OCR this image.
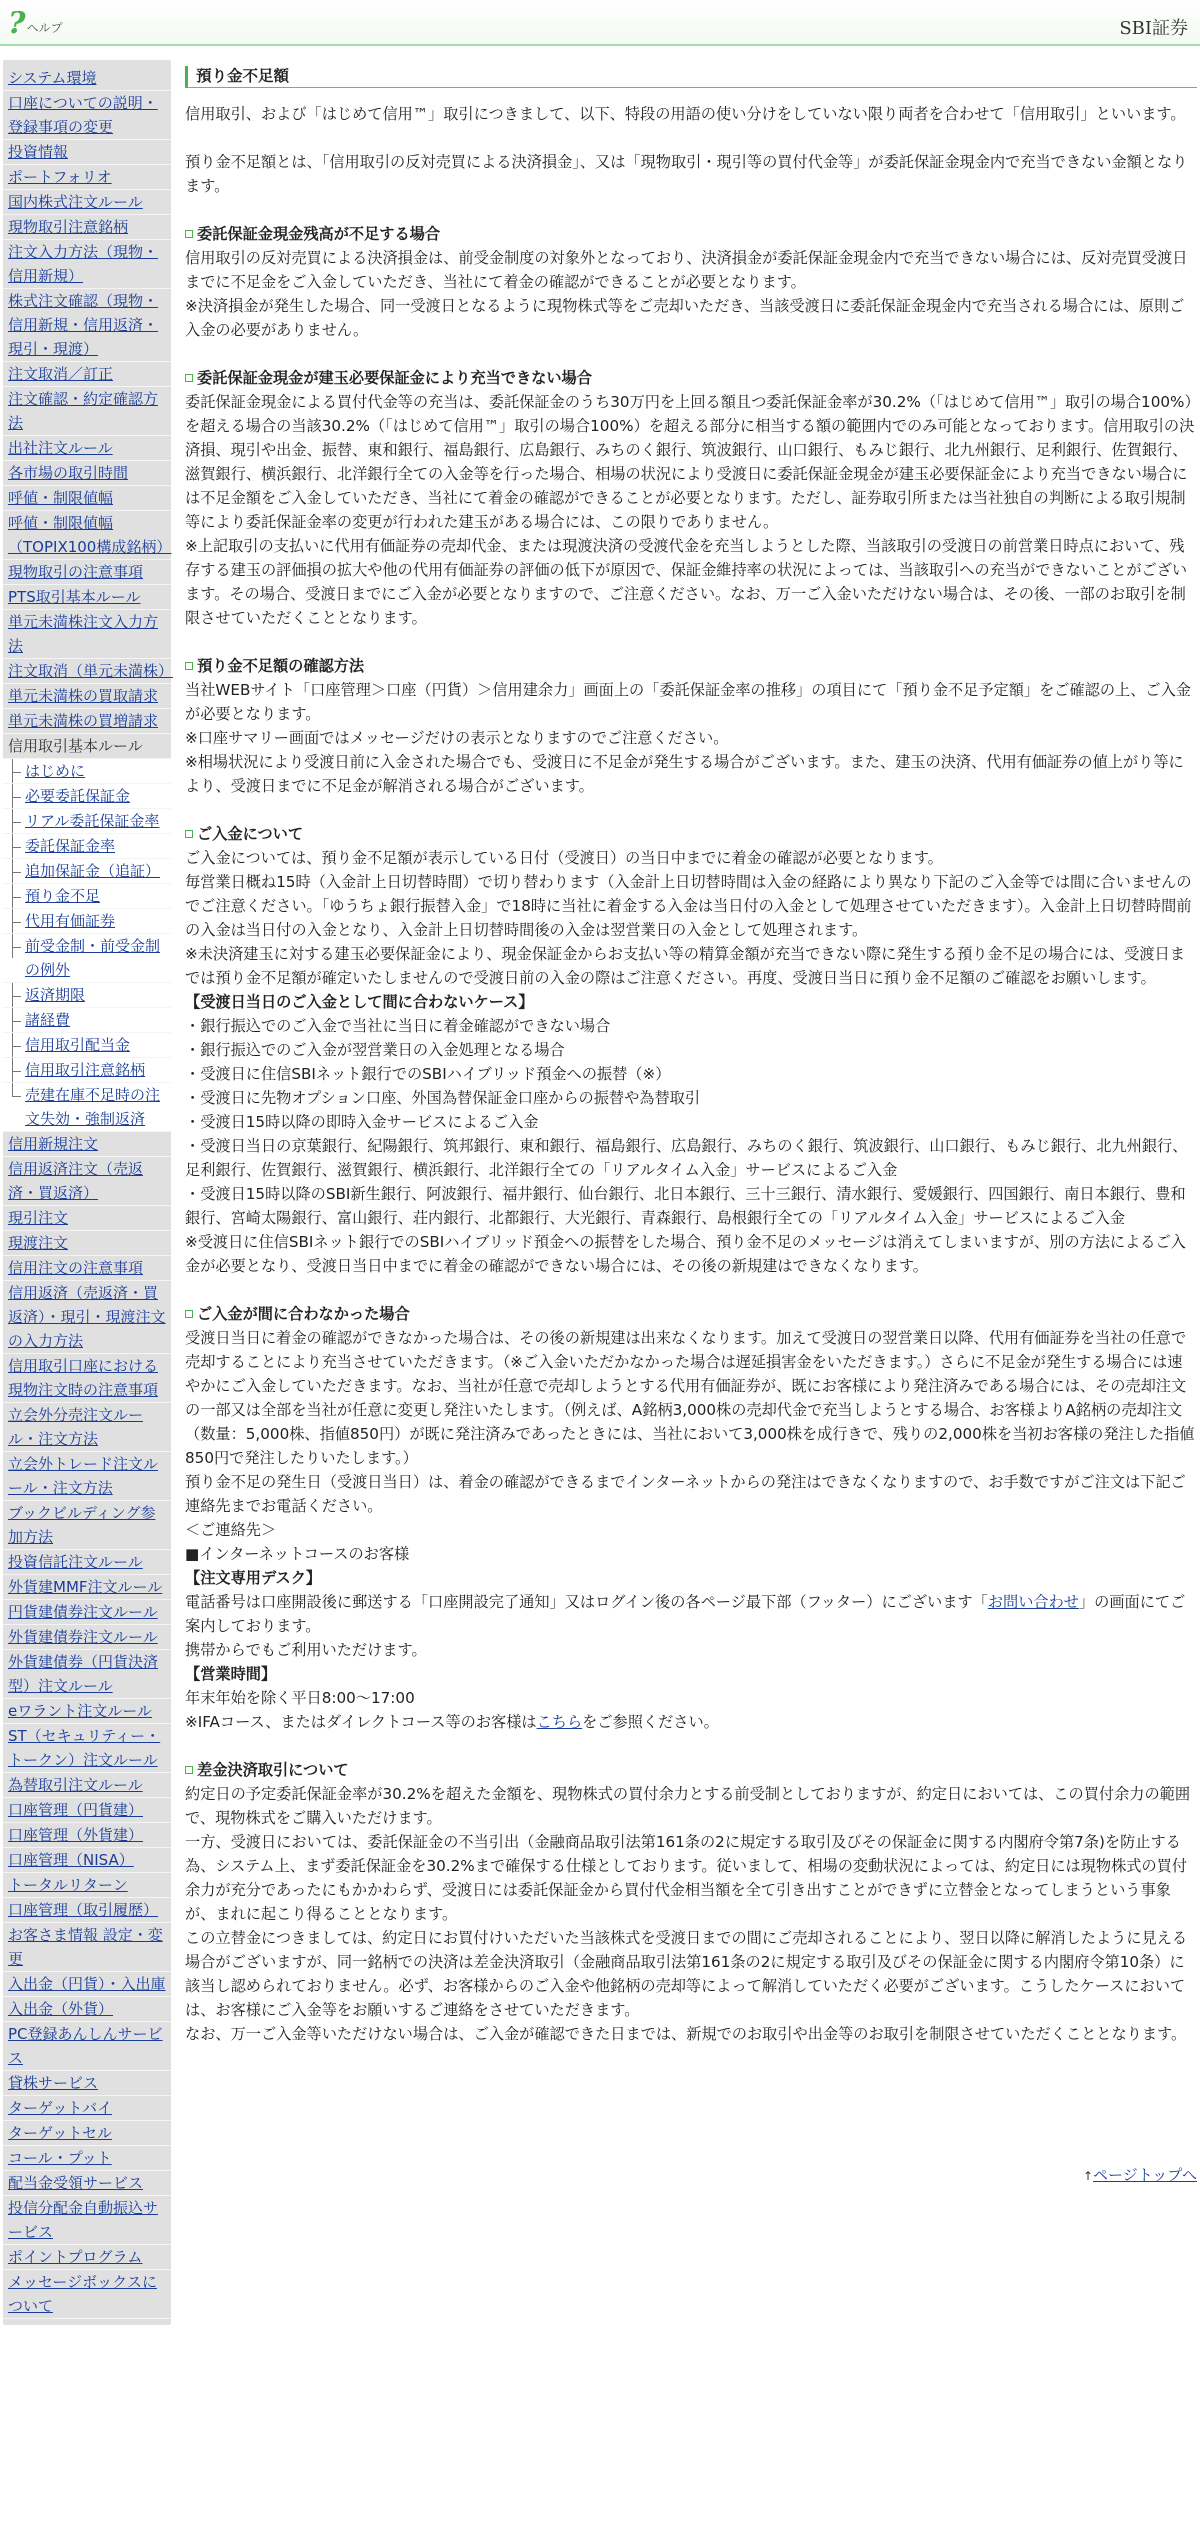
? ヘルプ	SBI証券
システム環境
口座についての説明・登録事項の変更
投資情報
ポートフォリオ
国内株式注文ルール
現物取引注意銘柄
注文入力方法（現物・信用新規）
株式注文確認（現物・信用新規・信用返済・現引・現渡）
注文取消／訂正
注文確認・約定確認方法
出社注文ルール
各市場の取引時間
呼値・制限値幅
呼値・制限値幅（TOPIX100構成銘柄）
現物取引の注意事項
PTS取引基本ルール
単元未満株注文入力方法
注文取消（単元未満株）
単元未満株の買取請求
単元未満株の買増請求
信用取引基本ルール
はじめに
必要委託保証金
リアル委託保証金率
委託保証金率
追加保証金（追証）
預り金不足
代用有価証券
前受金制・前受金制の例外
返済期限
諸経費
信用取引配当金
信用取引注意銘柄
売建在庫不足時の注文失効・強制返済
信用新規注文
信用返済注文（売返済・買返済）
現引注文
現渡注文
信用注文の注意事項
信用返済（売返済・買返済）・現引・現渡注文の入力方法
信用取引口座における現物注文時の注意事項
立会外分売注文ルール・注文方法
立会外トレード注文ルール・注文方法
ブックビルディング参加方法
投資信託注文ルール
外貨建MMF注文ルール
円貨建債券注文ルール
外貨建債券注文ルール
外貨建債券（円貨決済型）注文ルール
eワラント注文ルール
ST（セキュリティー・トークン）注文ルール
為替取引注文ルール
口座管理（円貨建）
口座管理（外貨建）
口座管理（NISA）
トータルリターン
口座管理（取引履歴）
お客さま情報 設定・変更
入出金（円貨）・入出庫
入出金（外貨）
PC登録あんしんサービス
貸株サービス
ターゲットバイ
ターゲットセル
コール・プット
配当金受領サービス
投信分配金自動振込サービス
ポイントプログラム
メッセージボックスについて
預り金不足額

信用取引、および「はじめて信用™」取引につきまして、以下、特段の用語の使い分けをしていない限り両者を合わせて「信用取引」といいます。

預り金不足額とは、「信用取引の反対売買による決済損金」、又は「現物取引・現引等の買付代金等」が委託保証金現金内で充当できない金額となります。

委託保証金現金残高が不足する場合
信用取引の反対売買による決済損金は、前受金制度の対象外となっており、決済損金が委託保証金現金内で充当できない場合には、反対売買受渡日までに不足金をご入金していただき、当社にて着金の確認ができることが必要となります。
※決済損金が発生した場合、同一受渡日となるように現物株式等をご売却いただき、当該受渡日に委託保証金現金内で充当される場合には、原則ご入金の必要がありません。
委託保証金現金が建玉必要保証金により充当できない場合
委託保証金現金による買付代金等の充当は、委託保証金のうち30万円を上回る額且つ委託保証金率が30.2%（「はじめて信用™」取引の場合100%）を超える場合の当該30.2%（「はじめて信用™」取引の場合100%）を超える部分に相当する額の範囲内でのみ可能となっております。信用取引の決済損、現引や出金、振替、東和銀行、福島銀行、広島銀行、みちのく銀行、筑波銀行、山口銀行、もみじ銀行、北九州銀行、足利銀行、佐賀銀行、滋賀銀行、横浜銀行、北洋銀行全ての入金等を行った場合、相場の状況により受渡日に委託保証金現金が建玉必要保証金により充当できない場合には不足金額をご入金していただき、当社にて着金の確認ができることが必要となります。ただし、証券取引所または当社独自の判断による取引規制等により委託保証金率の変更が行われた建玉がある場合には、この限りでありません。
※上記取引の支払いに代用有価証券の売却代金、または現渡決済の受渡代金を充当しようとした際、当該取引の受渡日の前営業日時点において、残存する建玉の評価損の拡大や他の代用有価証券の評価の低下が原因で、保証金維持率の状況によっては、当該取引への充当ができないことがございます。その場合、受渡日までにご入金が必要となりますので、ご注意ください。なお、万一ご入金いただけない場合は、その後、一部のお取引を制限させていただくこととなります。
預り金不足額の確認方法
当社WEBサイト「口座管理＞口座（円貨）＞信用建余力」画面上の「委託保証金率の推移」の項目にて「預り金不足予定額」をご確認の上、ご入金が必要となります。
※口座サマリー画面ではメッセージだけの表示となりますのでご注意ください。
※相場状況により受渡日前に入金された場合でも、受渡日に不足金が発生する場合がございます。また、建玉の決済、代用有価証券の値上がり等により、受渡日までに不足金が解消される場合がございます。
ご入金について
ご入金については、預り金不足額が表示している日付（受渡日）の当日中までに着金の確認が必要となります。
毎営業日概ね15時（入金計上日切替時間）で切り替わります（入金計上日切替時間は入金の経路により異なり下記のご入金等では間に合いませんのでご注意ください。「ゆうちょ銀行振替入金」で18時に当社に着金する入金は当日付の入金として処理させていただきます）。入金計上日切替時間前の入金は当日付の入金となり、入金計上日切替時間後の入金は翌営業日の入金として処理されます。
※未決済建玉に対する建玉必要保証金により、現金保証金からお支払い等の精算金額が充当できない際に発生する預り金不足の場合には、受渡日までは預り金不足額が確定いたしませんので受渡日前の入金の際はご注意ください。再度、受渡日当日に預り金不足額のご確認をお願いします。
【受渡日当日のご入金として間に合わないケース】
・銀行振込でのご入金で当社に当日に着金確認ができない場合
・銀行振込でのご入金が翌営業日の入金処理となる場合
・受渡日に住信SBIネット銀行でのSBIハイブリッド預金への振替（※）
・受渡日に先物オプション口座、外国為替保証金口座からの振替や為替取引
・受渡日15時以降の即時入金サービスによるご入金
・受渡日当日の京葉銀行、紀陽銀行、筑邦銀行、東和銀行、福島銀行、広島銀行、みちのく銀行、筑波銀行、山口銀行、もみじ銀行、北九州銀行、足利銀行、佐賀銀行、滋賀銀行、横浜銀行、北洋銀行全ての「リアルタイム入金」サービスによるご入金
・受渡日15時以降のSBI新生銀行、阿波銀行、福井銀行、仙台銀行、北日本銀行、三十三銀行、清水銀行、愛媛銀行、四国銀行、南日本銀行、豊和銀行、宮崎太陽銀行、富山銀行、荘内銀行、北都銀行、大光銀行、青森銀行、島根銀行全ての「リアルタイム入金」サービスによるご入金
※受渡日に住信SBIネット銀行でのSBIハイブリッド預金への振替をした場合、預り金不足のメッセージは消えてしまいますが、別の方法によるご入金が必要となり、受渡日当日中までに着金の確認ができない場合には、その後の新規建はできなくなります。
ご入金が間に合わなかった場合
受渡日当日に着金の確認ができなかった場合は、その後の新規建は出来なくなります。加えて受渡日の翌営業日以降、代用有価証券を当社の任意で売却することにより充当させていただきます。（※ご入金いただかなかった場合は遅延損害金をいただきます。）さらに不足金が発生する場合には速やかにご入金していただきます。なお、当社が任意で売却しようとする代用有価証券が、既にお客様により発注済みである場合には、その売却注文の一部又は全部を当社が任意に変更し発注いたします。（例えば、A銘柄3,000株の売却代金で充当しようとする場合、お客様よりA銘柄の売却注文（数量：5,000株、指値850円）が既に発注済みであったときには、当社において3,000株を成行きで、残りの2,000株を当初お客様の発注した指値850円で発注したりいたします。）
預り金不足の発生日（受渡日当日）は、着金の確認ができるまでインターネットからの発注はできなくなりますので、お手数ですがご注文は下記ご連絡先までお電話ください。
＜ご連絡先＞
■インターネットコースのお客様
【注文専用デスク】
電話番号は口座開設後に郵送する「口座開設完了通知」又はログイン後の各ページ最下部（フッター）にございます「お問い合わせ」の画面にてご案内しております。
携帯からでもご利用いただけます。
【営業時間】
年末年始を除く平日8:00～17:00
※IFAコース、またはダイレクトコース等のお客様はこちらをご参照ください。
差金決済取引について
約定日の予定委託保証金率が30.2%を超えた金額を、現物株式の買付余力とする前受制としておりますが、約定日においては、この買付余力の範囲で、現物株式をご購入いただけます。
一方、受渡日においては、委託保証金の不当引出（金融商品取引法第161条の2に規定する取引及びその保証金に関する内閣府令第7条)を防止する為、システム上、まず委託保証金を30.2%まで確保する仕様としております。従いまして、相場の変動状況によっては、約定日には現物株式の買付余力が充分であったにもかかわらず、受渡日には委託保証金から買付代金相当額を全て引き出すことができずに立替金となってしまうという事象が、まれに起こり得ることとなります。
この立替金につきましては、約定日にお買付けいただいた当該株式を受渡日までの間にご売却されることにより、翌日以降に解消したように見える場合がございますが、同一銘柄での決済は差金決済取引（金融商品取引法第161条の2に規定する取引及びその保証金に関する内閣府令第10条）に該当し認められておりません。必ず、お客様からのご入金や他銘柄の売却等によって解消していただく必要がございます。こうしたケースにおいては、お客様にご入金等をお願いするご連絡をさせていただきます。
なお、万一ご入金等いただけない場合は、ご入金が確認できた日までは、新規でのお取引や出金等のお取引を制限させていただくこととなります。
↑ページトップへ
